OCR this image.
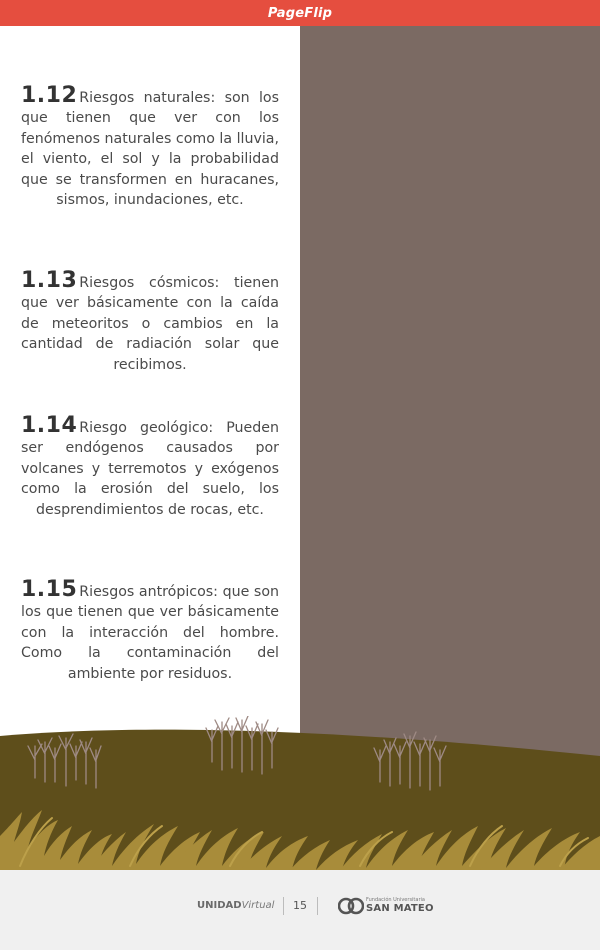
PageFlip
1.12 Riesgos naturales: son los que tienen que ver con los fenómenos naturales como la lluvia, el viento, el sol y la probabilidad que se transformen en huracanes, sismos, inundaciones, etc.
1.13 Riesgos cósmicos: tienen que ver básicamente con la caída de meteoritos o cambios en la cantidad de radiación solar que recibimos.
1.14 Riesgo geológico: Pueden ser endógenos causados por volcanes y terremotos y exógenos como la erosión del suelo, los desprendimientos de rocas, etc.
1.15 Riesgos antrópicos: que son los que tienen que ver básicamente con la interacción del hombre. Como la contaminación del ambiente por residuos.
UNIDADVirtual	15	Fundación Universitaria
SAN MATEO
